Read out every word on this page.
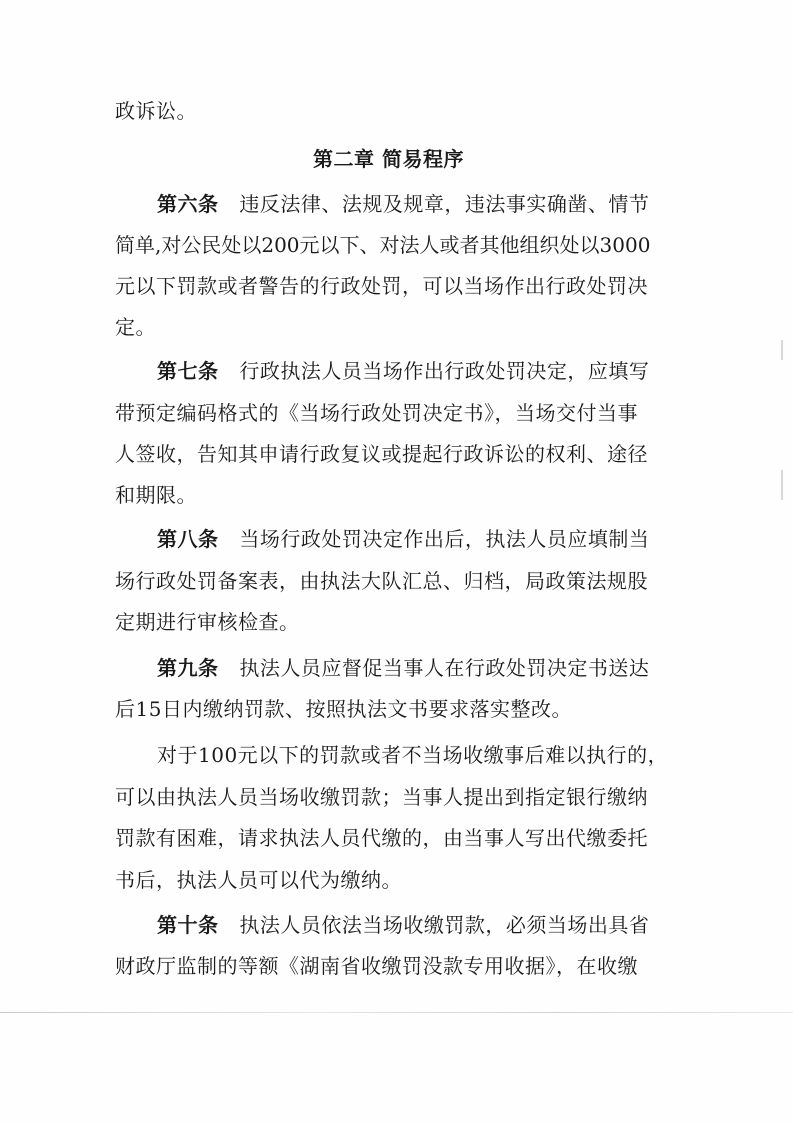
政诉讼。
第二章 简易程序
第六条 违反法律、法规及规章，违法事实确凿、情节
简单,对公民处以200元以下、对法人或者其他组织处以3000
元以下罚款或者警告的行政处罚，可以当场作出行政处罚决
定。
第七条 行政执法人员当场作出行政处罚决定，应填写
带预定编码格式的《当场行政处罚决定书》，当场交付当事
人签收，告知其申请行政复议或提起行政诉讼的权利、途径
和期限。
第八条 当场行政处罚决定作出后，执法人员应填制当
场行政处罚备案表，由执法大队汇总、归档，局政策法规股
定期进行审核检查。
第九条 执法人员应督促当事人在行政处罚决定书送达
后15日内缴纳罚款、按照执法文书要求落实整改。
对于100元以下的罚款或者不当场收缴事后难以执行的，
可以由执法人员当场收缴罚款；当事人提出到指定银行缴纳
罚款有困难，请求执法人员代缴的，由当事人写出代缴委托
书后，执法人员可以代为缴纳。
第十条 执法人员依法当场收缴罚款，必须当场出具省
财政厅监制的等额《湖南省收缴罚没款专用收据》，在收缴
